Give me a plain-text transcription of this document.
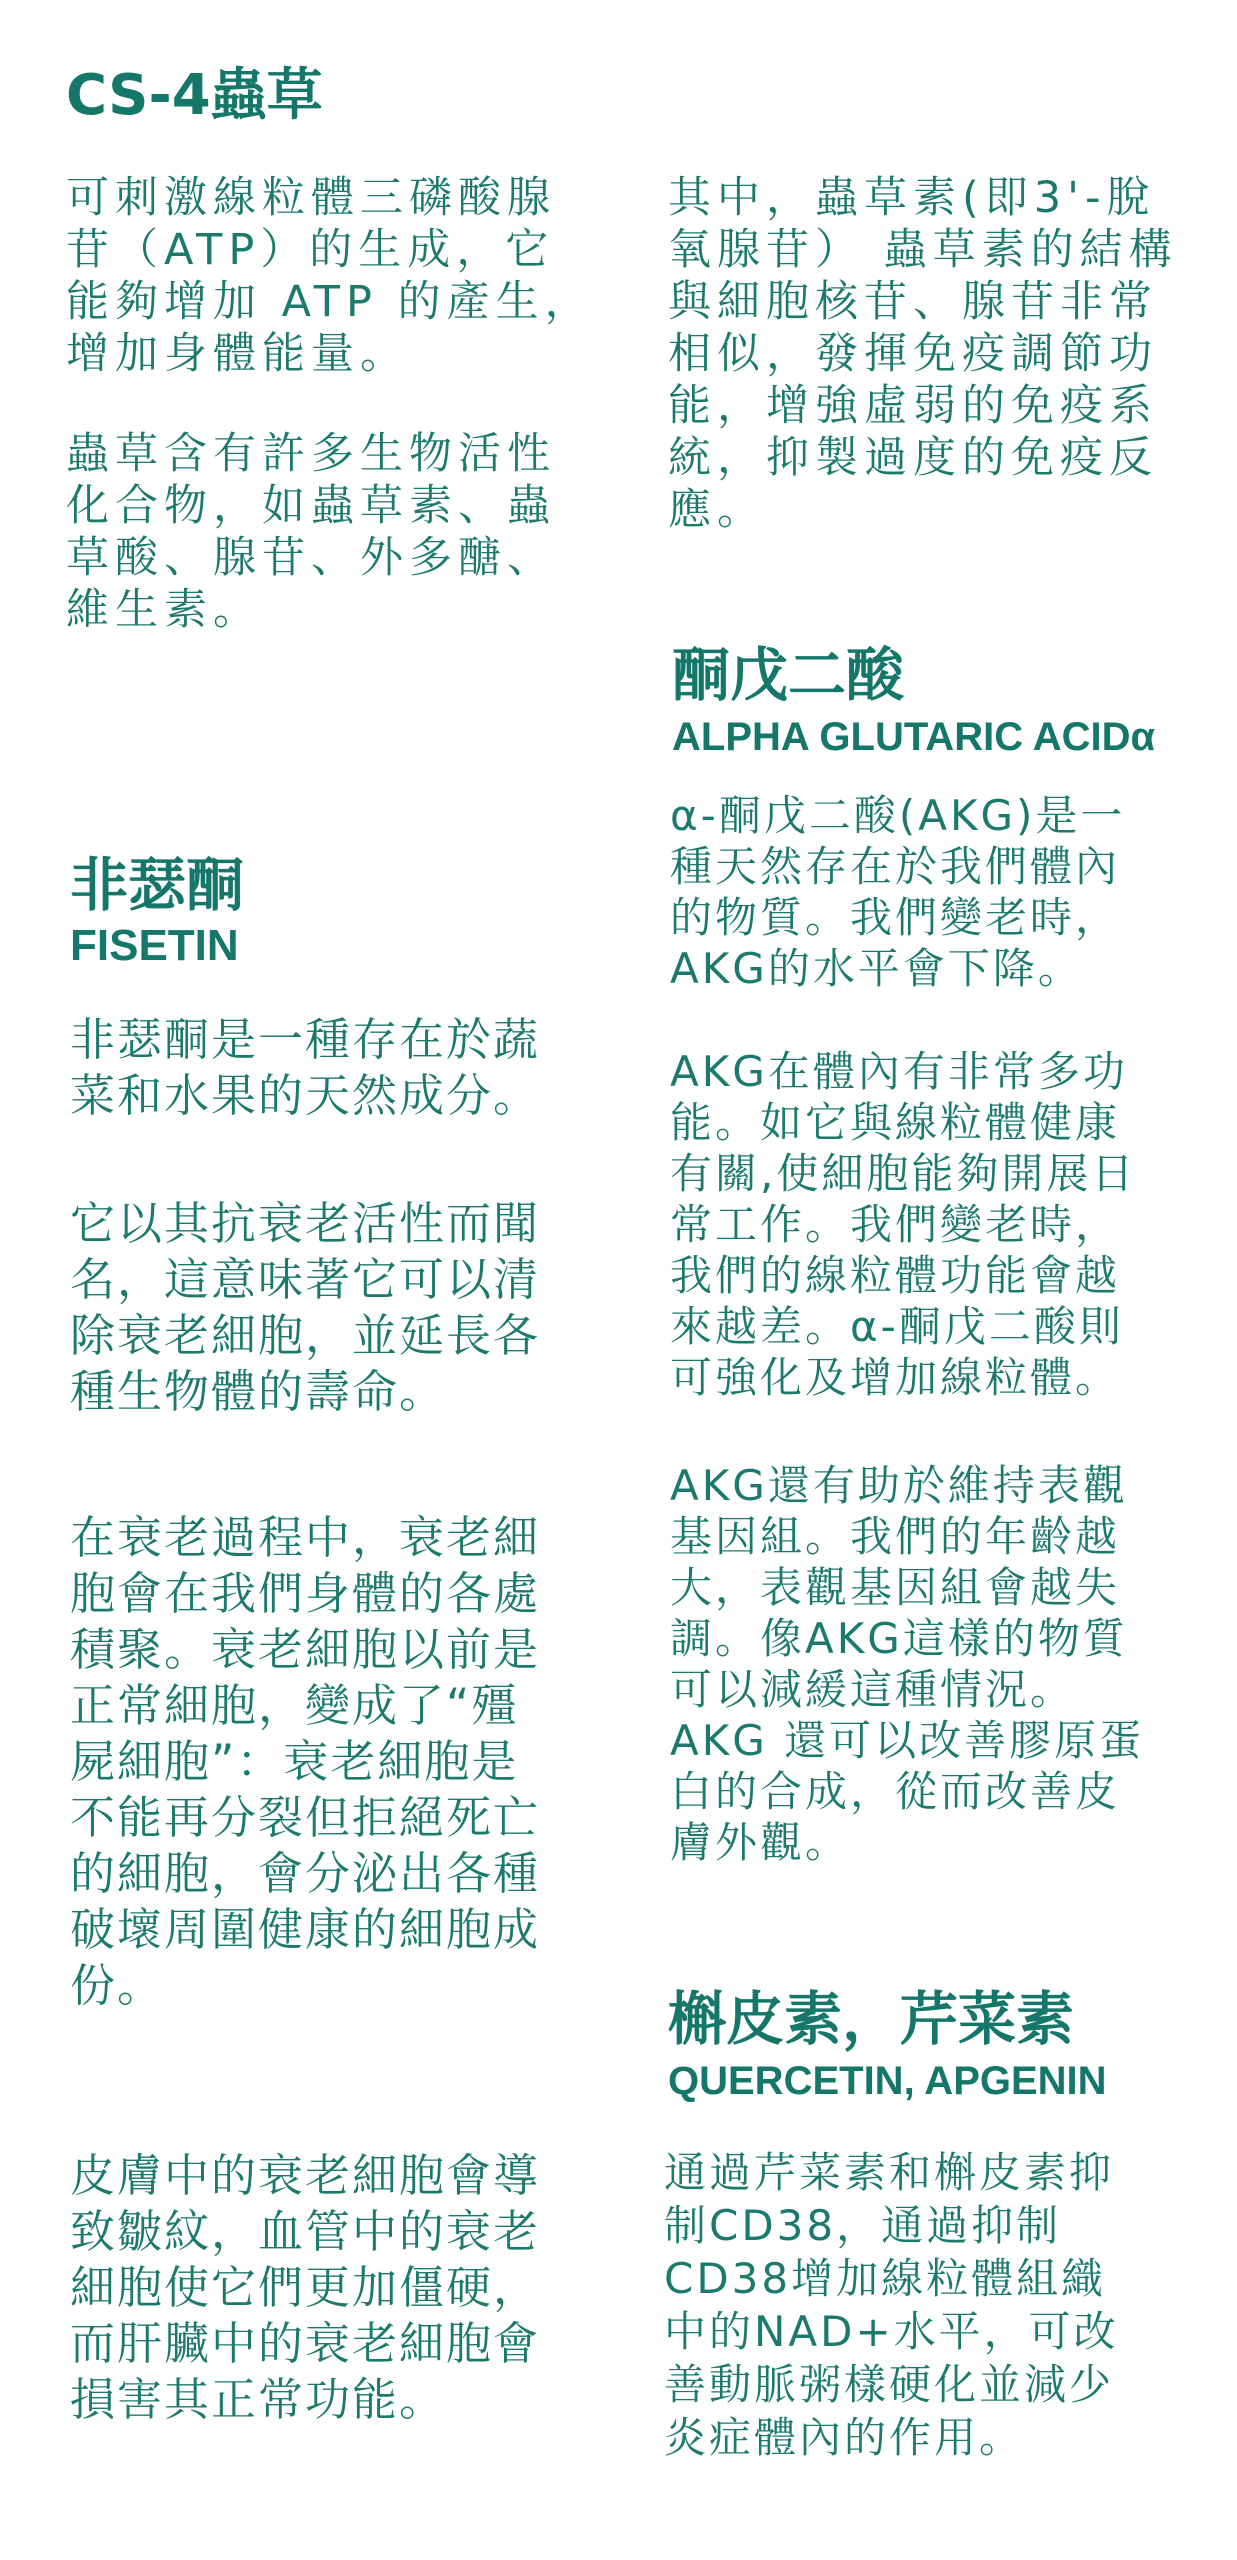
CS-4蟲草

可刺激線粒體三磷酸腺
苷（ATP）的生成，它
能夠增加 ATP 的產生，
增加身體能量。

蟲草含有許多生物活性
化合物，如蟲草素、蟲
草酸、腺苷、外多醣、
維生素。

其中，蟲草素(即3'-脫
氧腺苷） 蟲草素的結構
與細胞核苷、腺苷非常
相似，發揮免疫調節功
能，增強虛弱的免疫系
統，抑製過度的免疫反
應。

非瑟酮
FISETIN

非瑟酮是一種存在於蔬
菜和水果的天然成分。

它以其抗衰老活性而聞
名，這意味著它可以清
除衰老細胞，並延長各
種生物體的壽命。

在衰老過程中，衰老細
胞會在我們身體的各處
積聚。衰老細胞以前是
正常細胞，變成了“殭
屍細胞”：衰老細胞是
不能再分裂但拒絕死亡
的細胞，會分泌出各種
破壞周圍健康的細胞成
份。

皮膚中的衰老細胞會導
致皺紋，血管中的衰老
細胞使它們更加僵硬，
而肝臟中的衰老細胞會
損害其正常功能。

酮戊二酸
ALPHA GLUTARIC ACIDα

α-酮戊二酸(AKG)是一
種天然存在於我們體內
的物質。我們變老時，
AKG的水平會下降。

AKG在體內有非常多功
能。如它與線粒體健康
有關,使細胞能夠開展日
常工作。我們變老時，
我們的線粒體功能會越
來越差。α-酮戊二酸則
可強化及增加線粒體。

AKG還有助於維持表觀
基因組。我們的年齡越
大，表觀基因組會越失
調。像AKG這樣的物質
可以減緩這種情況。
AKG 還可以改善膠原蛋
白的合成，從而改善皮
膚外觀。

槲皮素，芹菜素
QUERCETIN, APGENIN

通過芹菜素和槲皮素抑
制CD38，通過抑制
CD38增加線粒體組織
中的NAD+水平，可改
善動脈粥樣硬化並減少
炎症體內的作用。
